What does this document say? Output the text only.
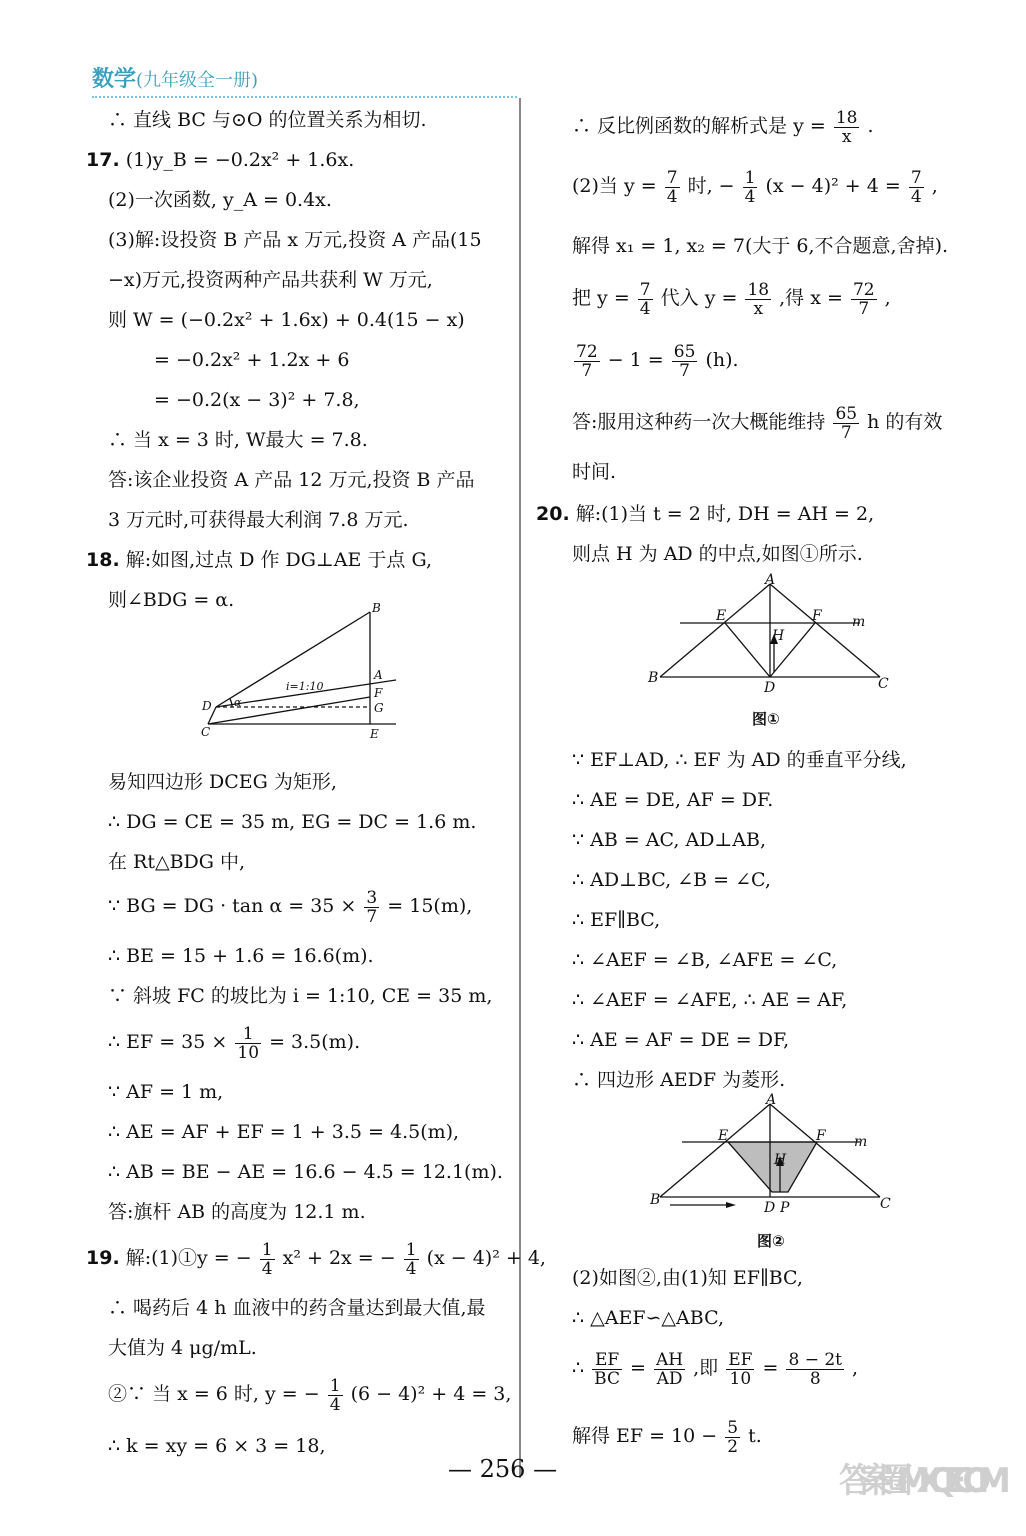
数学(九年级全一册)
∴ 直线 BC 与⊙O 的位置关系为相切.
17. (1)y_B = −0.2x² + 1.6x.
(2)一次函数, y_A = 0.4x.
(3)解:设投资 B 产品 x 万元,投资 A 产品(15
−x)万元,投资两种产品共获利 W 万元,
则 W = (−0.2x² + 1.6x) + 0.4(15 − x)
= −0.2x² + 1.2x + 6
= −0.2(x − 3)² + 7.8,
∴ 当 x = 3 时, W最大 = 7.8.
答:该企业投资 A 产品 12 万元,投资 B 产品
3 万元时,可获得最大利润 7.8 万元.
18. 解:如图,过点 D 作 DG⊥AE 于点 G,
则∠BDG = α.
易知四边形 DCEG 为矩形,
∴ DG = CE = 35 m, EG = DC = 1.6 m.
在 Rt△BDG 中,
∵ BG = DG · $\tan \alpha = 35 \times \frac{3}{7} = 15(m)$,
∴ BE = 15 + 1.6 = 16.6(m).
∵ 斜坡 FC 的坡比为 i = 1:10, CE = 35 m,
∴ EF = $35 \times \frac{1}{10} = 3.5(m)$.
∵ AF = 1 m,
∴ AE = AF + EF = 1 + 3.5 = 4.5(m),
∴ AB = BE − AE = 16.6 − 4.5 = 12.1(m).
答:旗杆 AB 的高度为 12.1 m.
19. 解:(1)①y = − $\frac{1}{4} x^2 + 2x$ = − $\frac{1}{4} (x - 4)^2 + 4$,
∴ 喝药后 4 h 血液中的药含量达到最大值,最
大值为 4 μg/mL.
②∵ 当 x = 6 时, y = − $\frac{1}{4} (6 - 4)^2 + 4 = 3$,
∴ k = xy = 6 × 3 = 18,
B
A
F
G
D
C	E
α
i=1:10
∴ 反比例函数的解析式是 $y = \frac{18}{x}$ .
(2)当 $y = \frac{7}{4}$ 时, − $\frac{1}{4} (x - 4)^2 + 4 = \frac{7}{4}$ ,
解得 x₁ = 1, x₂ = 7(大于 6,不合题意,舍掉).
把 $y = \frac{7}{4}$ 代入 $y = \frac{18}{x}$ ,得 $x = \frac{72}{7}$ ,
$\frac{72}{7} - 1 = \frac{65}{7} (h)$.
答:服用这种药一次大概能维持 $\frac{65}{7}$ h 的有效
时间.
20. 解:(1)当 t = 2 时, DH = AH = 2,
则点 H 为 AD 的中点,如图①所示.
∵ EF⊥AD, ∴ EF 为 AD 的垂直平分线,
∴ AE = DE, AF = DF.
∵ AB = AC, AD⊥AB,
∴ AD⊥BC, ∠B = ∠C,
∴ EF∥BC,
∴ ∠AEF = ∠B, ∠AFE = ∠C,
∴ ∠AEF = ∠AFE, ∴ AE = AF,
∴ AE = AF = DE = DF,
∴ 四边形 AEDF 为菱形.
(2)如图②,由(1)知 EF∥BC,
∴ △AEF∽△ABC,
∴ $\frac{EF}{BC} = \frac{AH}{AD}$ ,即 $\frac{EF}{10} = \frac{8 - 2t}{8}$ ,
解得 EF = $10 - \frac{5}{2} t$.
A
E	F m
H
B
D	C
图①
A
E	F m
H
B	D P	C
图②
— 256 —	答案圈 MXQE.COM
